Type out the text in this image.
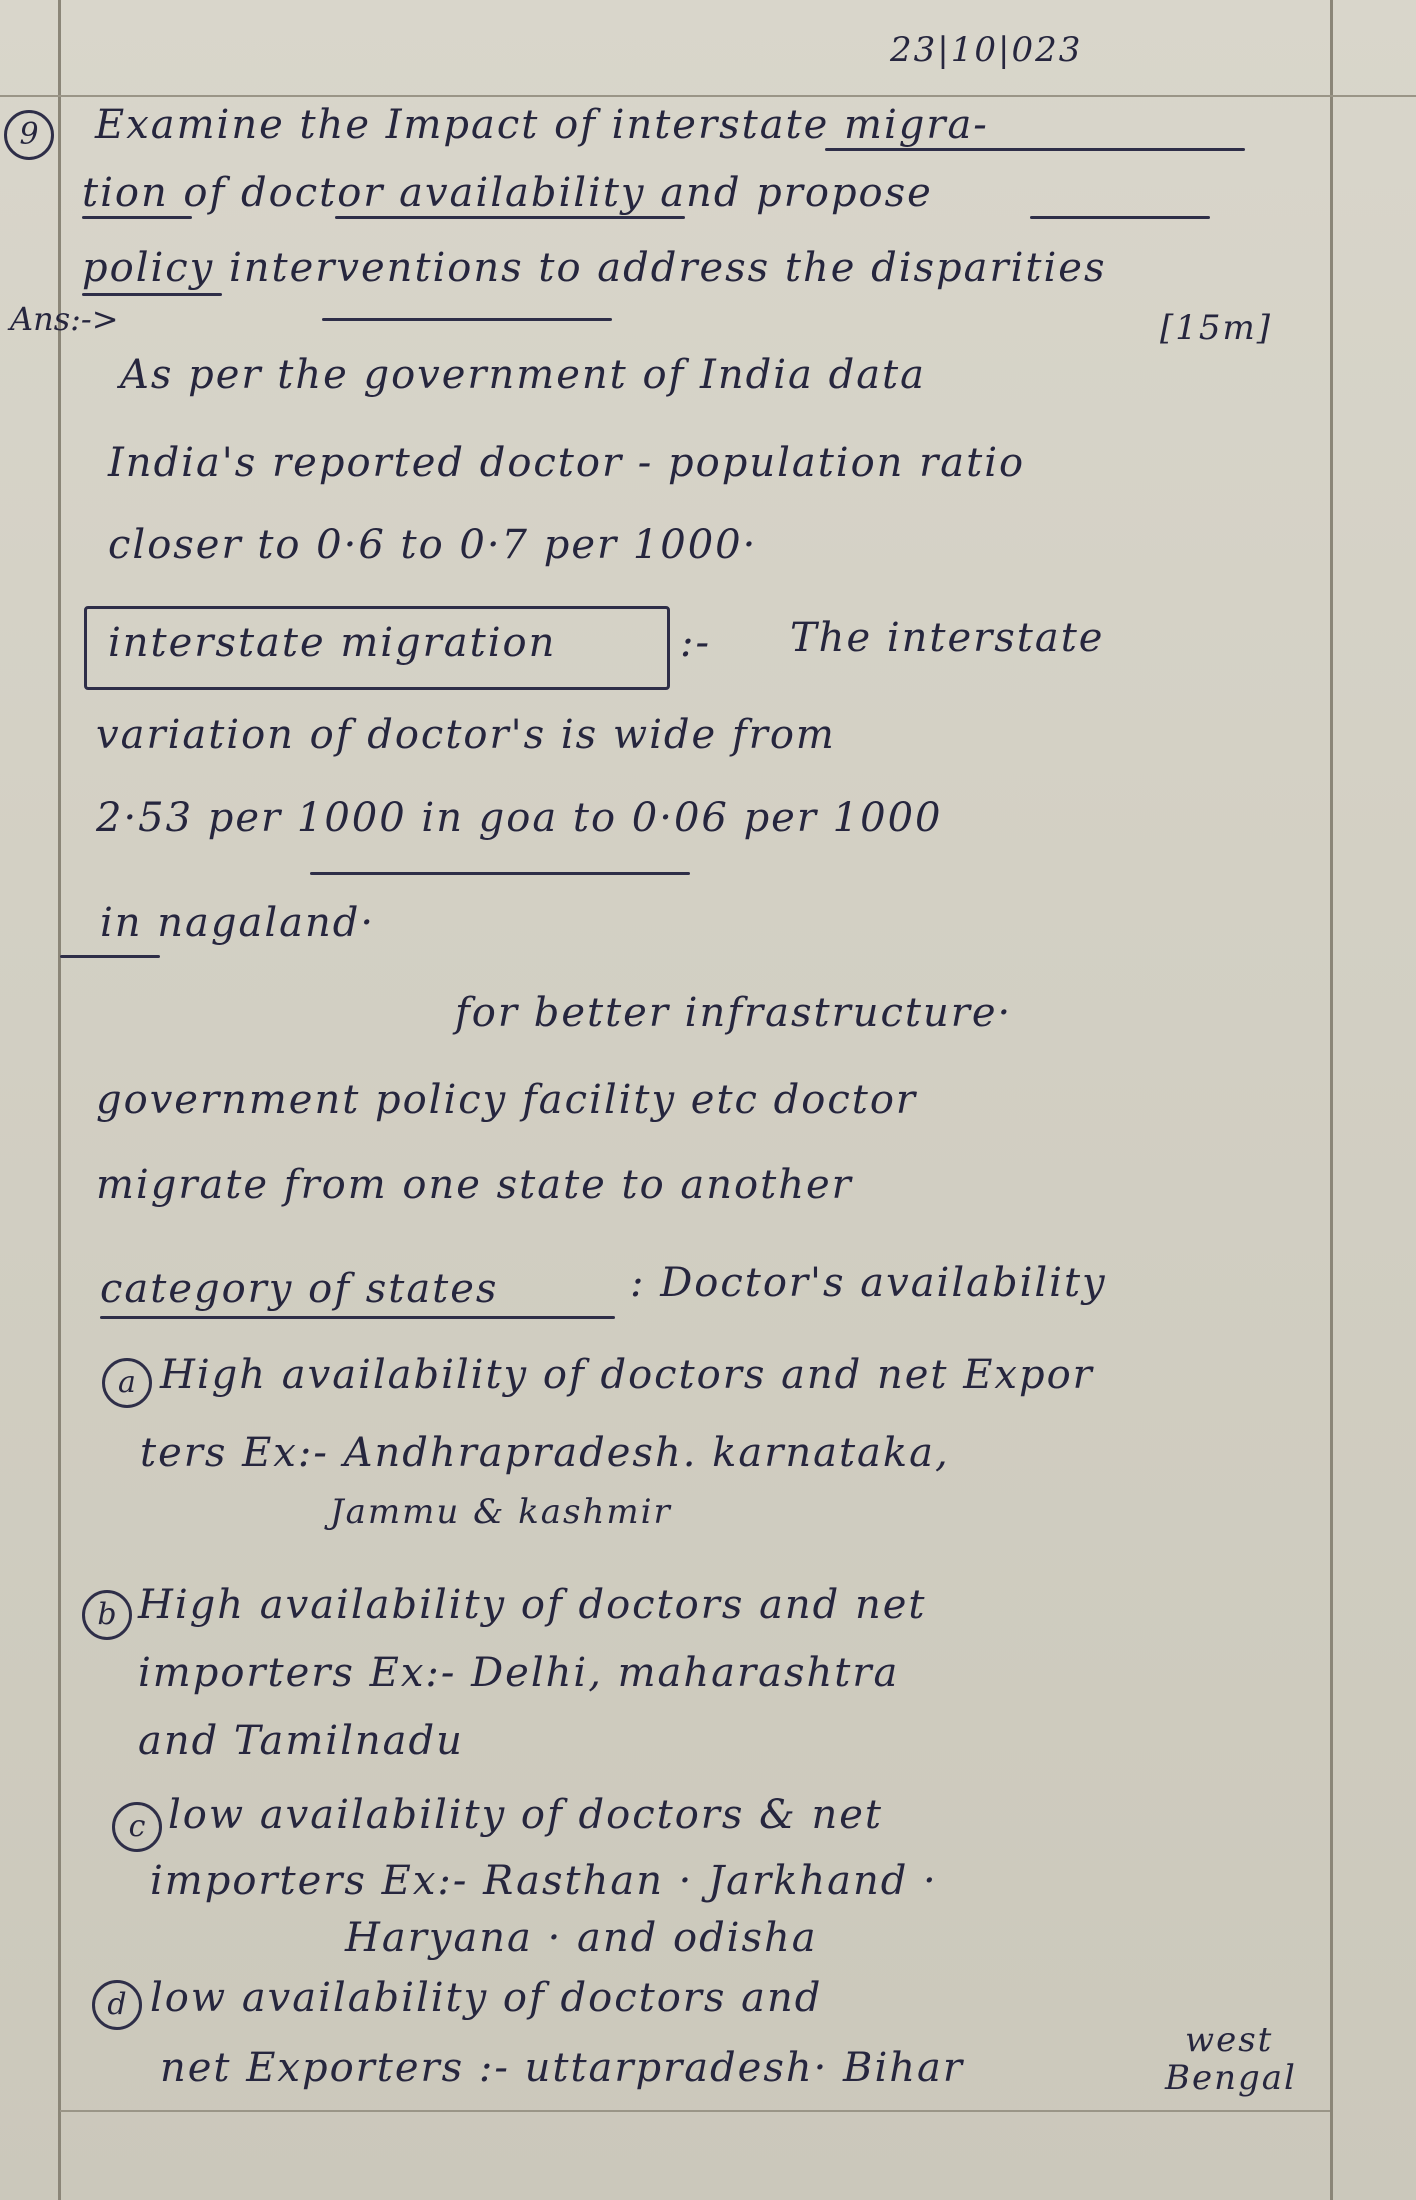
23|10|023
9	Examine the Impact of interstate migra-
tion of doctor availability and propose
policy interventions to address the disparities
[15m]
Ans:->
As per the government of India data
India's reported doctor - population ratio
closer to 0·6 to 0·7 per 1000·
interstate migration	:- The interstate
variation of doctor's is wide from
2·53 per 1000 in goa to 0·06 per 1000
in nagaland·
for better infrastructure·
government policy facility etc doctor
migrate from one state to another
category of states	: Doctor's availability
a High availability of doctors and net Expor
ters Ex:- Andhrapradesh. karnataka,
Jammu & kashmir
b High availability of doctors and net
importers Ex:- Delhi, maharashtra
and Tamilnadu
c low availability of doctors & net
importers Ex:- Rasthan · Jarkhand ·
Haryana · and odisha
d low availability of doctors and
net Exporters :- uttarpradesh· Bihar
west
Bengal
